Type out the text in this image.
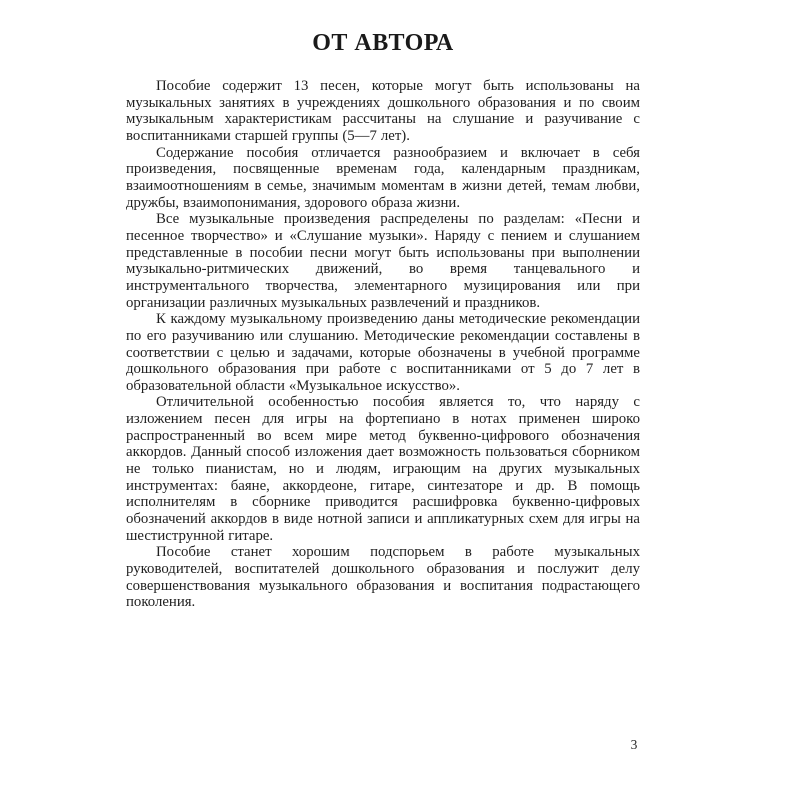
ОТ АВТОРА

Пособие содержит 13 песен, которые могут быть использованы на музыкальных занятиях в учреждениях дошкольного образования и по своим музыкальным характеристикам рассчитаны на слушание и разучивание с воспитанниками старшей группы (5—7 лет).

Содержание пособия отличается разнообразием и включает в себя произведения, посвященные временам года, календарным праздникам, взаимоотношениям в семье, значимым моментам в жизни детей, темам любви, дружбы, взаимопонимания, здорового образа жизни.

Все музыкальные произведения распределены по разделам: «Песни и песенное творчество» и «Слушание музыки». Наряду с пением и слушанием представленные в пособии песни могут быть использованы при выполнении музыкально-ритмических движений, во время танцевального и инструментального творчества, элементарного музицирования или при организации различных музыкальных развлечений и праздников.

К каждому музыкальному произведению даны методические рекомендации по его разучиванию или слушанию. Методические рекомендации составлены в соответствии с целью и задачами, которые обозначены в учебной программе дошкольного образования при работе с воспитанниками от 5 до 7 лет в образовательной области «Музыкальное искусство».

Отличительной особенностью пособия является то, что наряду с изложением песен для игры на фортепиано в нотах применен широко распространенный во всем мире метод буквенно-цифрового обозначения аккордов. Данный способ изложения дает возможность пользоваться сборником не только пианистам, но и людям, играющим на других музыкальных инструментах: баяне, аккордеоне, гитаре, синтезаторе и др. В помощь исполнителям в сборнике приводится расшифровка буквенно-цифровых обозначений аккордов в виде нотной записи и аппликатурных схем для игры на шестиструнной гитаре.

Пособие станет хорошим подспорьем в работе музыкальных руководителей, воспитателей дошкольного образования и послужит делу совершенствования музыкального образования и воспитания подрастающего поколения.

3
